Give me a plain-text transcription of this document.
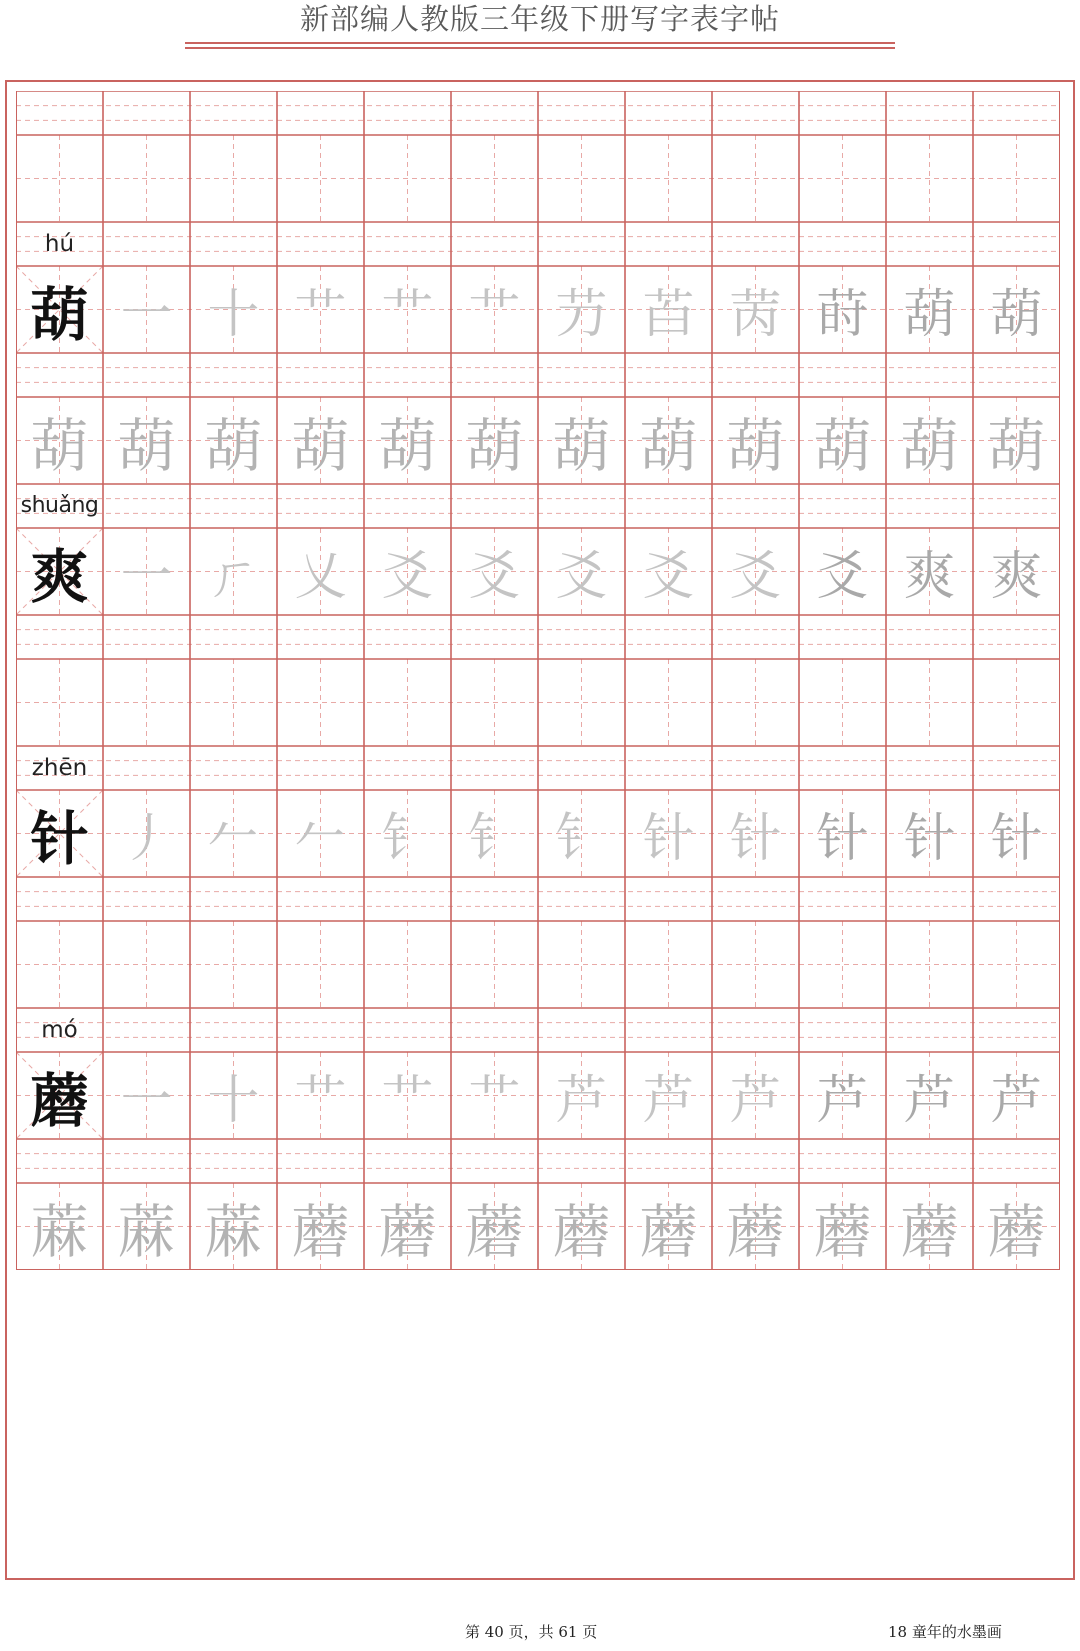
新部编人教版三年级下册写字表字帖
hú
葫 一 十 艹 艹 艹 芀 苩 苪 莳 葫 葫
葫 葫 葫 葫 葫 葫 葫 葫 葫 葫 葫 葫
shuǎng
爽 一 ㄏ 乂 爻 爻 爻 爻 爻 爻 爽 爽
zhēn
针 丿 𠂉 𠂉 钅 钅 钅 针 针 针 针 针
mó
蘑 一 十 艹 艹 艹 芦 芦 芦 芦 芦 芦
蔴 蔴 蔴 蘑 蘑 蘑 蘑 蘑 蘑 蘑 蘑 蘑
第 40 页，共 61 页	18 童年的水墨画
